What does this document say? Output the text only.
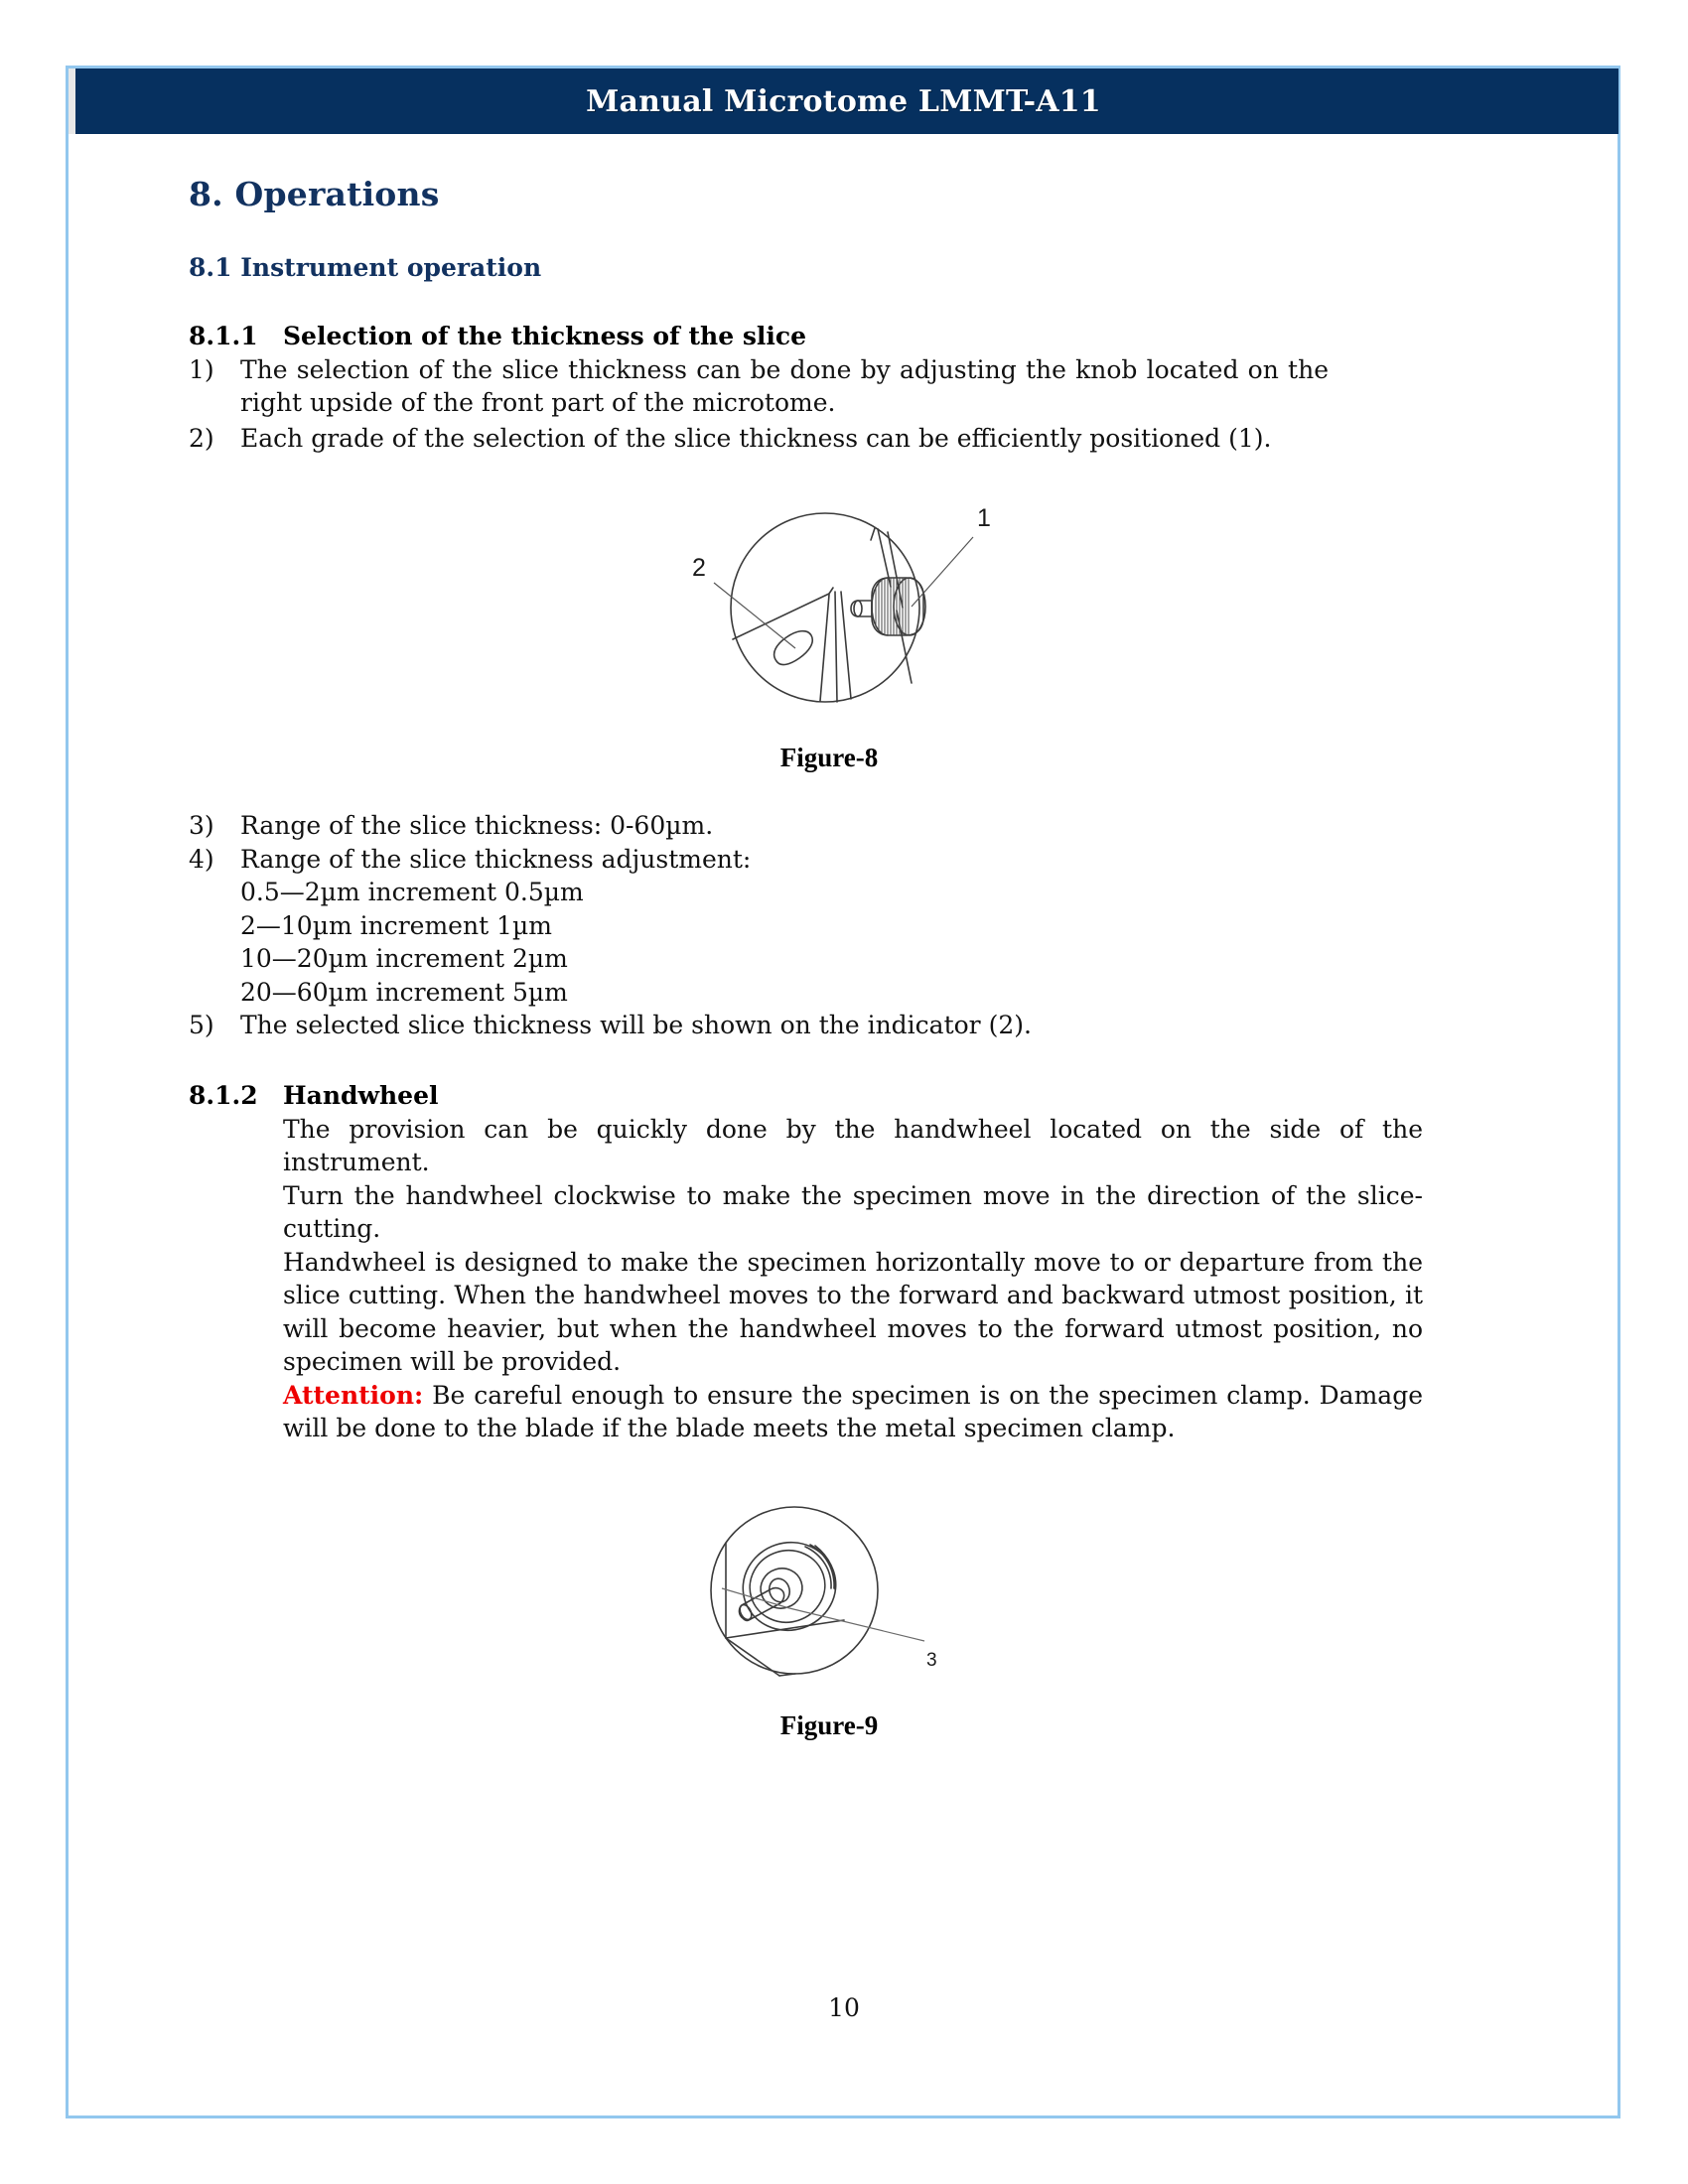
Manual Microtome LMMT-A11
8. Operations
8.1 Instrument operation
8.1.1	Selection of the thickness of the slice
1)	The selection of the slice thickness can be done by adjusting the knob located on the right upside of the front part of the microtome.
2)	Each grade of the selection of the slice thickness can be efficiently positioned (1).
1
2
Figure-8
3)	Range of the slice thickness: 0-60µm.
4)	Range of the slice thickness adjustment:
0.5—2µm increment 0.5µm
2—10µm increment 1µm
10—20µm increment 2µm
20—60µm increment 5µm
5)	The selected slice thickness will be shown on the indicator (2).
8.1.2	Handwheel

The provision can be quickly done by the handwheel located on the side of the instrument.

Turn the handwheel clockwise to make the specimen move in the direction of the slice-cutting.

Handwheel is designed to make the specimen horizontally move to or departure from the slice cutting. When the handwheel moves to the forward and backward utmost position, it will become heavier, but when the handwheel moves to the forward utmost position, no specimen will be provided.

Attention: Be careful enough to ensure the specimen is on the specimen clamp. Damage will be done to the blade if the blade meets the metal specimen clamp.

3
Figure-9
10
